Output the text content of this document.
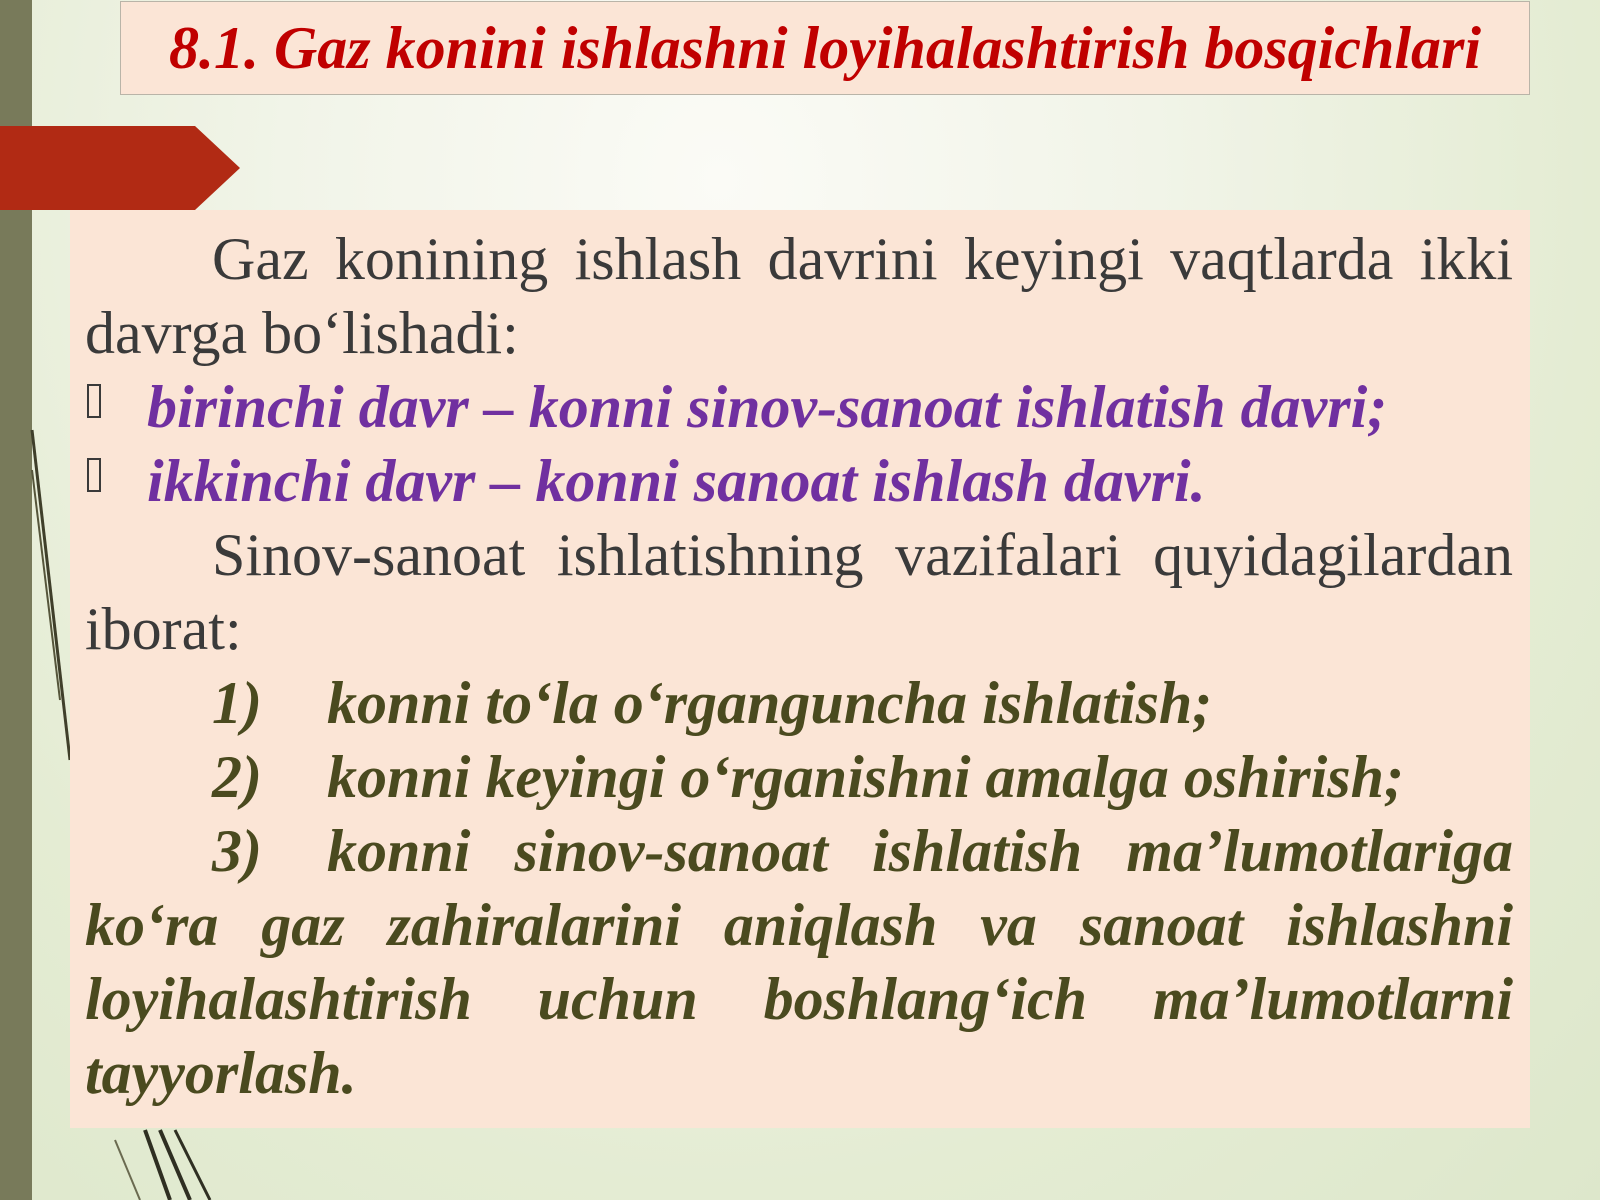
8.1. Gaz konini ishlashni loyihalashtirish bosqichlari

Gaz konining ishlash davrini keyingi vaqtlarda ikki davrga bo‘lishadi:

birinchi davr – konni sinov-sanoat ishlatish davri;

ikkinchi davr – konni sanoat ishlash davri.

Sinov-sanoat ishlatishning vazifalari quyidagilardan iborat:

1) konni to‘la o‘rganguncha ishlatish;

2) konni keyingi o‘rganishni amalga oshirish;

3) konni sinov-sanoat ishlatish ma’lumotlariga ko‘ra gaz zahiralarini aniqlash va sanoat ishlashni loyihalashtirish uchun boshlang‘ich ma’lumotlarni tayyorlash.
